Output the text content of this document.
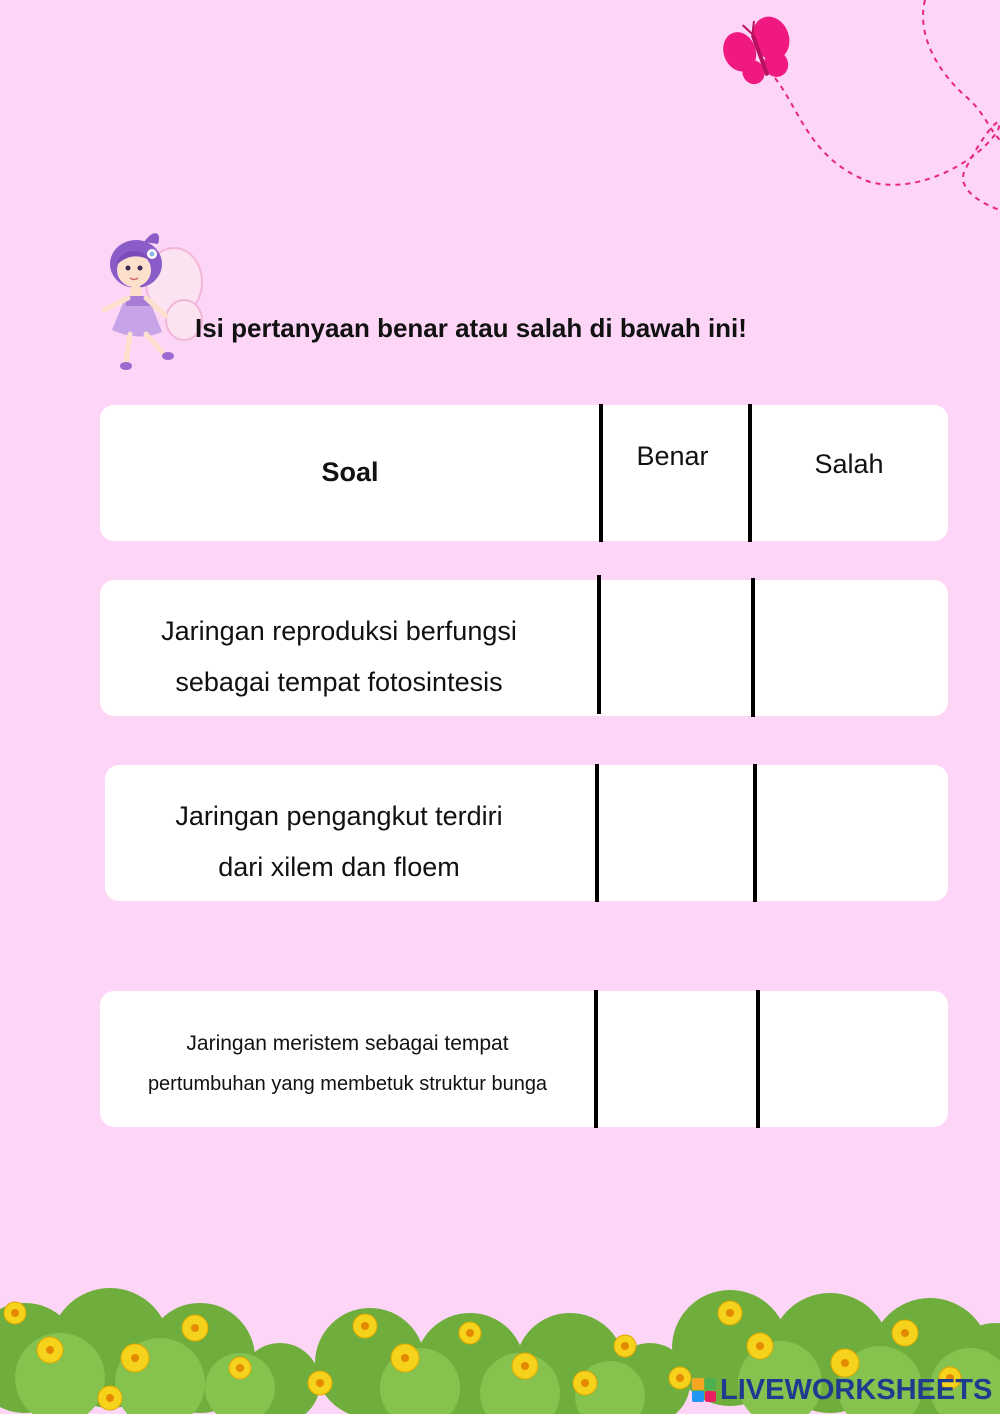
Isi pertanyaan benar atau salah di bawah ini!
Soal
Benar	Salah
Jaringan reproduksi berfungsi
sebagai tempat fotosintesis
Jaringan pengangkut terdiri
dari xilem dan floem
Jaringan meristem sebagai tempat
pertumbuhan yang membetuk struktur bunga
LIVEWORKSHEETS
